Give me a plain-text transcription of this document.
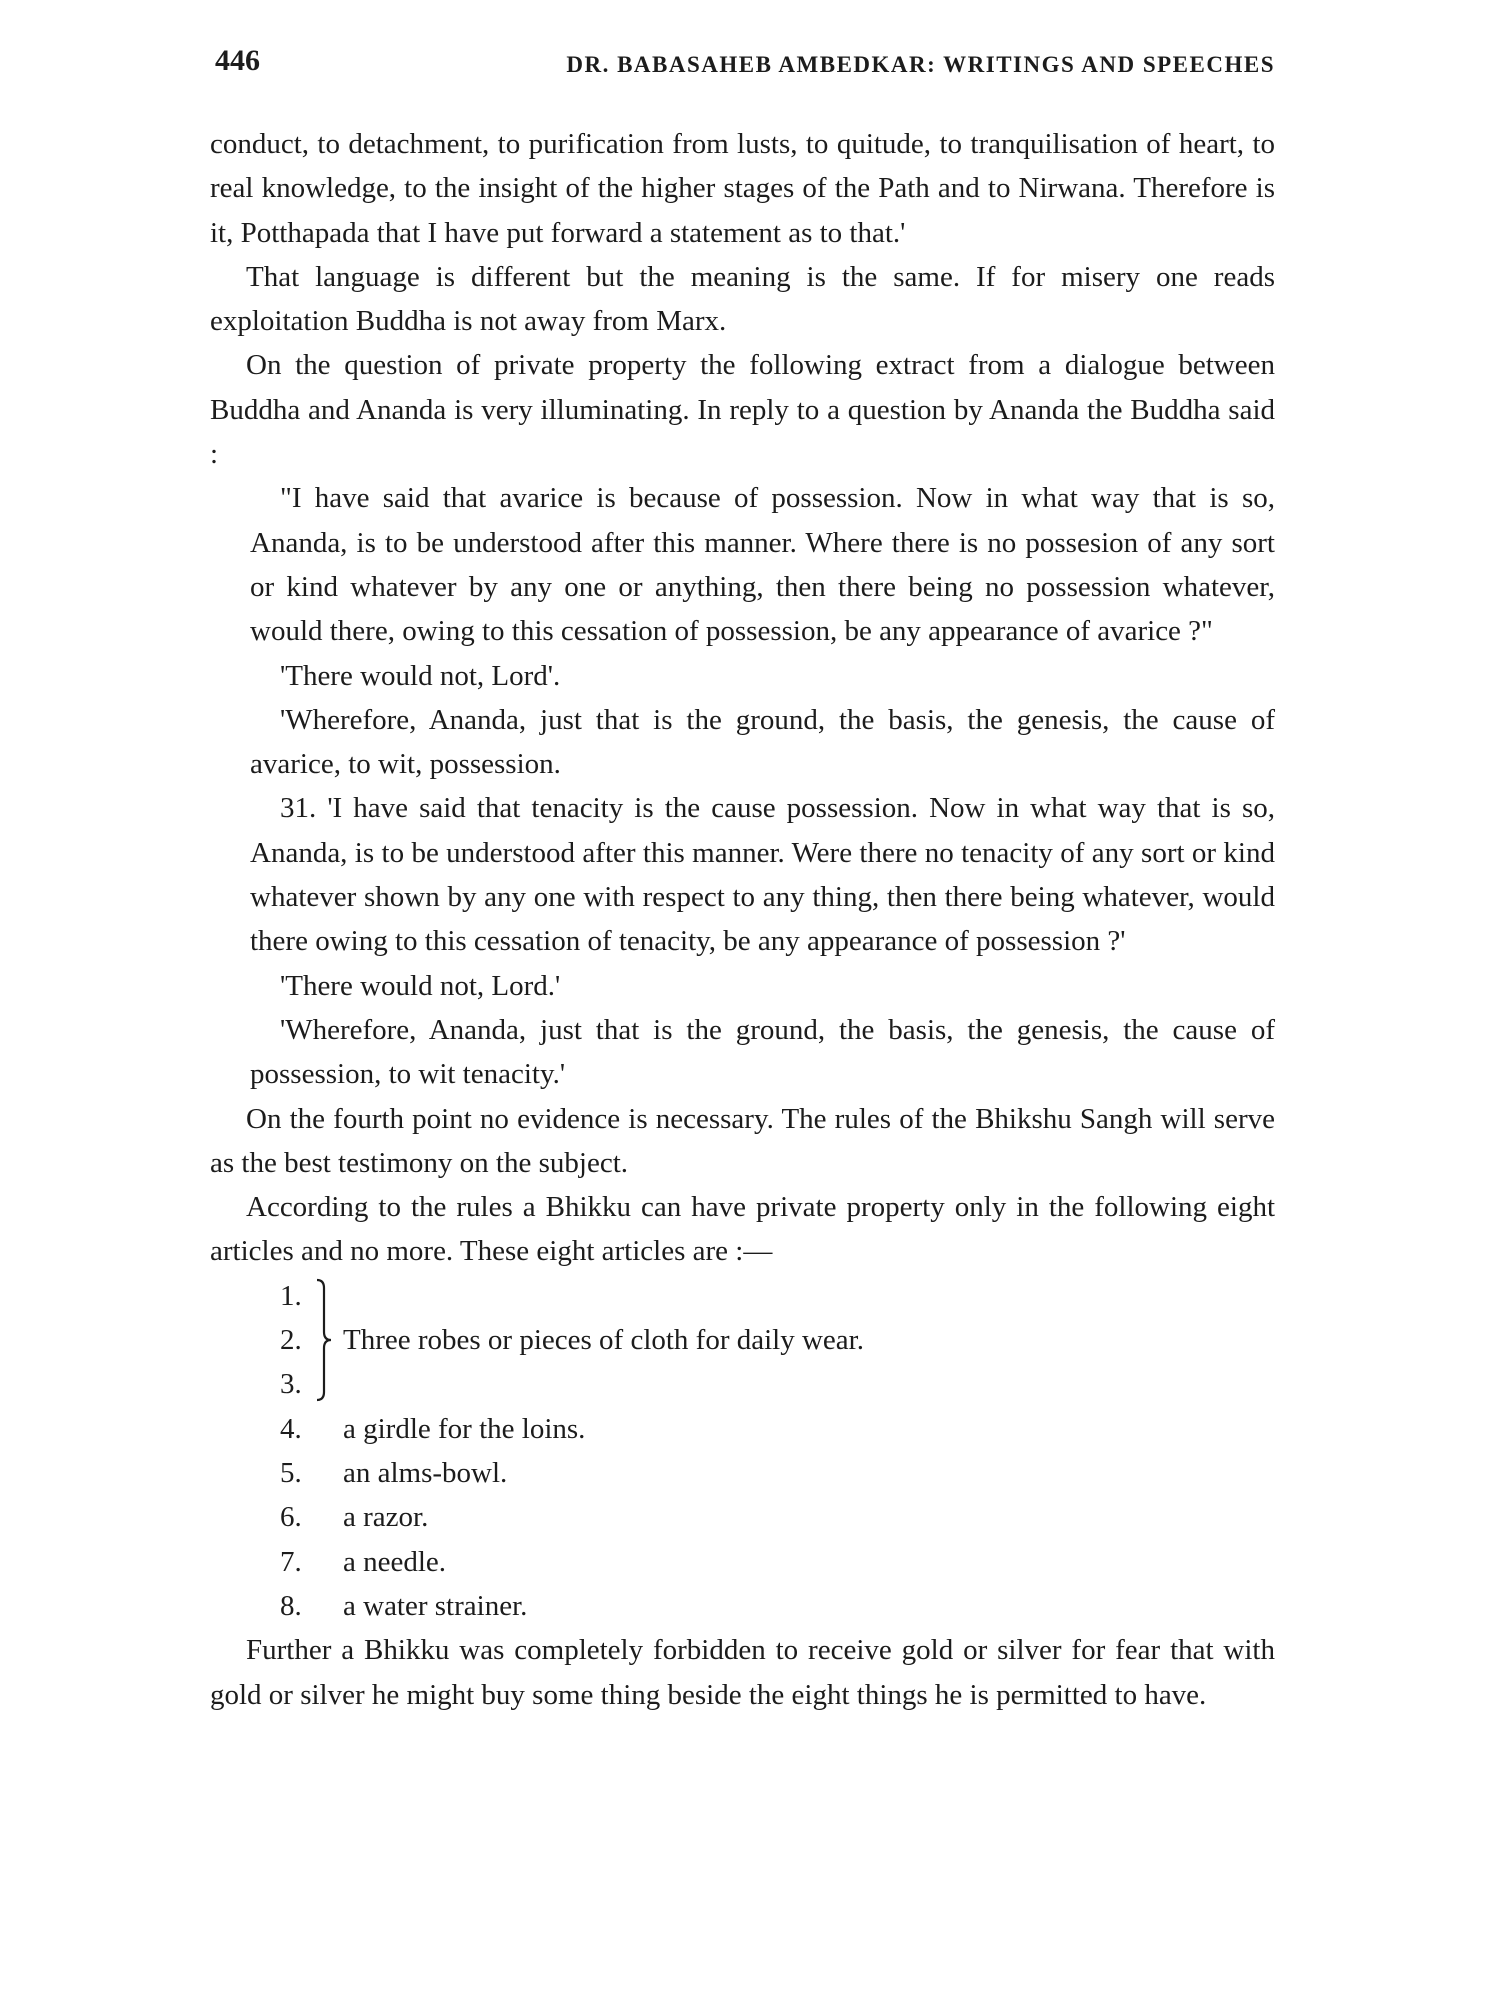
446	DR. BABASAHEB AMBEDKAR: WRITINGS AND SPEECHES

conduct, to detachment, to purification from lusts, to quitude, to tranquilisation of heart, to real knowledge, to the insight of the higher stages of the Path and to Nirwana. Therefore is it, Potthapada that I have put forward a statement as to that.'

That language is different but the meaning is the same. If for misery one reads exploitation Buddha is not away from Marx.

On the question of private property the following extract from a dialogue between Buddha and Ananda is very illuminating. In reply to a question by Ananda the Buddha said :

"I have said that avarice is because of possession. Now in what way that is so, Ananda, is to be understood after this manner. Where there is no possesion of any sort or kind whatever by any one or anything, then there being no possession whatever, would there, owing to this cessation of possession, be any appearance of avarice ?"

'There would not, Lord'.

'Wherefore, Ananda, just that is the ground, the basis, the genesis, the cause of avarice, to wit, possession.

31. 'I have said that tenacity is the cause possession. Now in what way that is so, Ananda, is to be understood after this manner. Were there no tenacity of any sort or kind whatever shown by any one with respect to any thing, then there being whatever, would there owing to this cessation of tenacity, be any appearance of possession ?'

'There would not, Lord.'

'Wherefore, Ananda, just that is the ground, the basis, the genesis, the cause of possession, to wit tenacity.'

On the fourth point no evidence is necessary. The rules of the Bhikshu Sangh will serve as the best testimony on the subject.

According to the rules a Bhikku can have private property only in the following eight articles and no more. These eight articles are :—

1.
2.
3.
Three robes or pieces of cloth for daily wear.
4. a girdle for the loins.
5. an alms-bowl.
6. a razor.
7. a needle.
8. a water strainer.

Further a Bhikku was completely forbidden to receive gold or silver for fear that with gold or silver he might buy some thing beside the eight things he is permitted to have.
